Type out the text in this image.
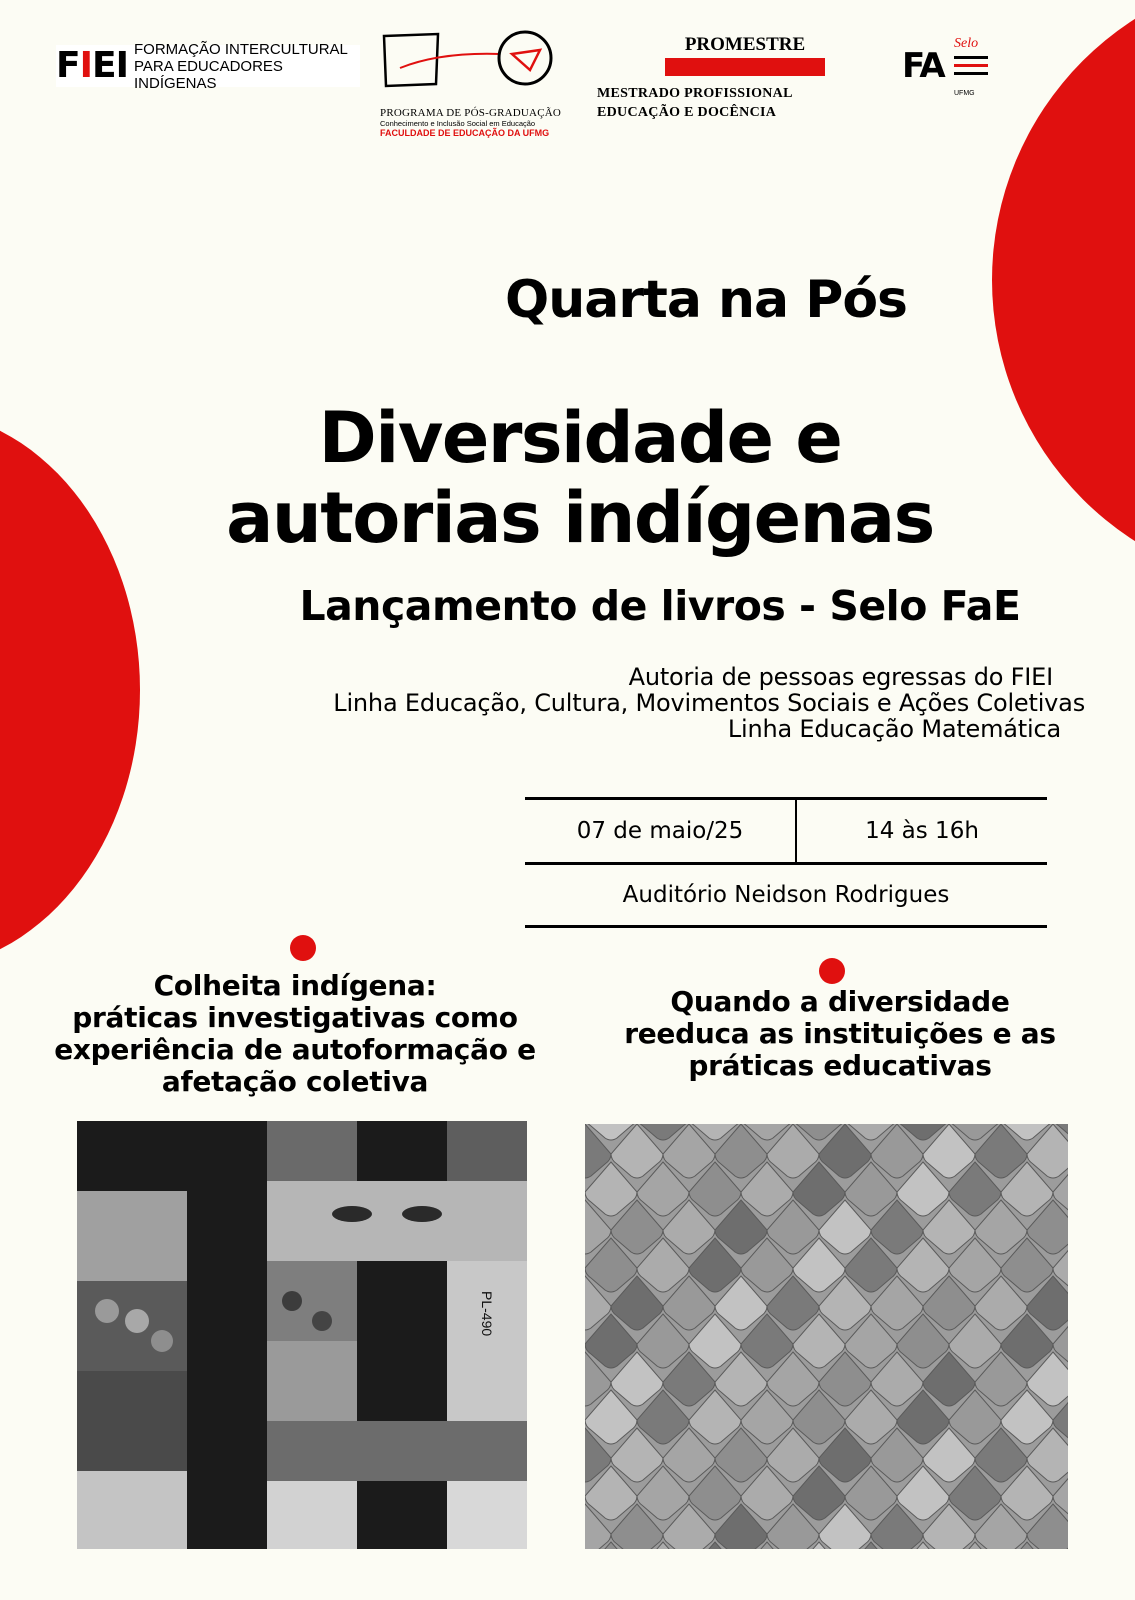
FIEI FORMAÇÃO INTERCULTURAL
PARA EDUCADORES INDÍGENAS
PROGRAMA DE PÓS-GRADUAÇÃO
Conhecimento e Inclusão Social em Educação
FACULDADE DE EDUCAÇÃO DA UFMG
PROMESTRE
MESTRADO PROFISSIONAL
EDUCAÇÃO E DOCÊNCIA
FA
Selo
UFMG
Quarta na Pós
Diversidade e
autorias indígenas
Lançamento de livros - Selo FaE
Autoria de pessoas egressas do FIEI
Linha Educação, Cultura, Movimentos Sociais e Ações Coletivas
Linha Educação Matemática
07 de maio/25	14 às 16h
Auditório Neidson Rodrigues
Colheita indígena:
práticas investigativas como
experiência de autoformação e
afetação coletiva
Quando a diversidade
reeduca as instituições e as
práticas educativas
PL-490
